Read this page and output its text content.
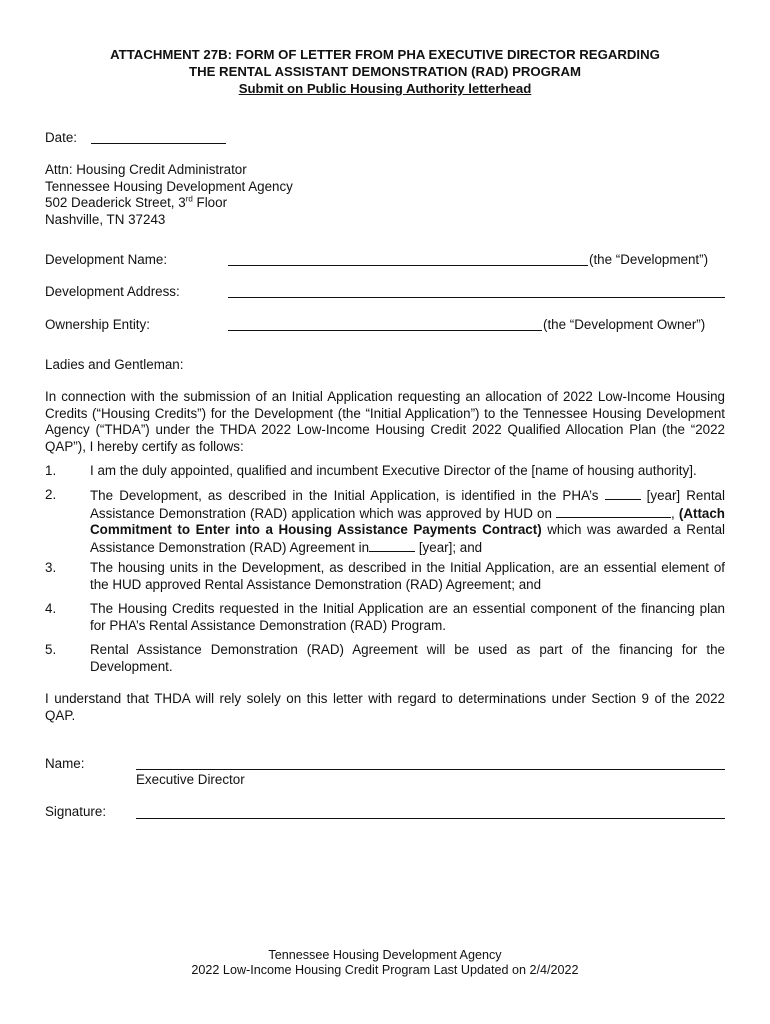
ATTACHMENT 27B: FORM OF LETTER FROM PHA EXECUTIVE DIRECTOR REGARDING
THE RENTAL ASSISTANT DEMONSTRATION (RAD) PROGRAM
Submit on Public Housing Authority letterhead
Date:
Attn: Housing Credit Administrator
Tennessee Housing Development Agency
502 Deaderick Street, 3rd Floor
Nashville, TN 37243
Development Name:	(the “Development”)
Development Address:
Ownership Entity:	(the “Development Owner”)
Ladies and Gentleman:
In connection with the submission of an Initial Application requesting an allocation of 2022 Low-Income Housing Credits (“Housing Credits”) for the Development (the “Initial Application”) to the Tennessee Housing Development Agency (“THDA”) under the THDA 2022 Low-Income Housing Credit 2022 Qualified Allocation Plan (the “2022 QAP”), I hereby certify as follows:
1.	I am the duly appointed, qualified and incumbent Executive Director of the [name of housing authority].
2.	The Development, as described in the Initial Application, is identified in the PHA’s	[year] Rental Assistance Demonstration (RAD) application which was approved by HUD on	, (Attach Commitment to Enter into a Housing Assistance Payments Contract) which was awarded a Rental Assistance Demonstration (RAD) Agreement in	[year]; and
3.	The housing units in the Development, as described in the Initial Application, are an essential element of the HUD approved Rental Assistance Demonstration (RAD) Agreement; and
4.	The Housing Credits requested in the Initial Application are an essential component of the financing plan for PHA’s Rental Assistance Demonstration (RAD) Program.
5.	Rental Assistance Demonstration (RAD) Agreement will be used as part of the financing for the Development.
I understand that THDA will rely solely on this letter with regard to determinations under Section 9 of the 2022 QAP.
Name:
Executive Director
Signature:
Tennessee Housing Development Agency
2022 Low-Income Housing Credit Program Last Updated on 2/4/2022
